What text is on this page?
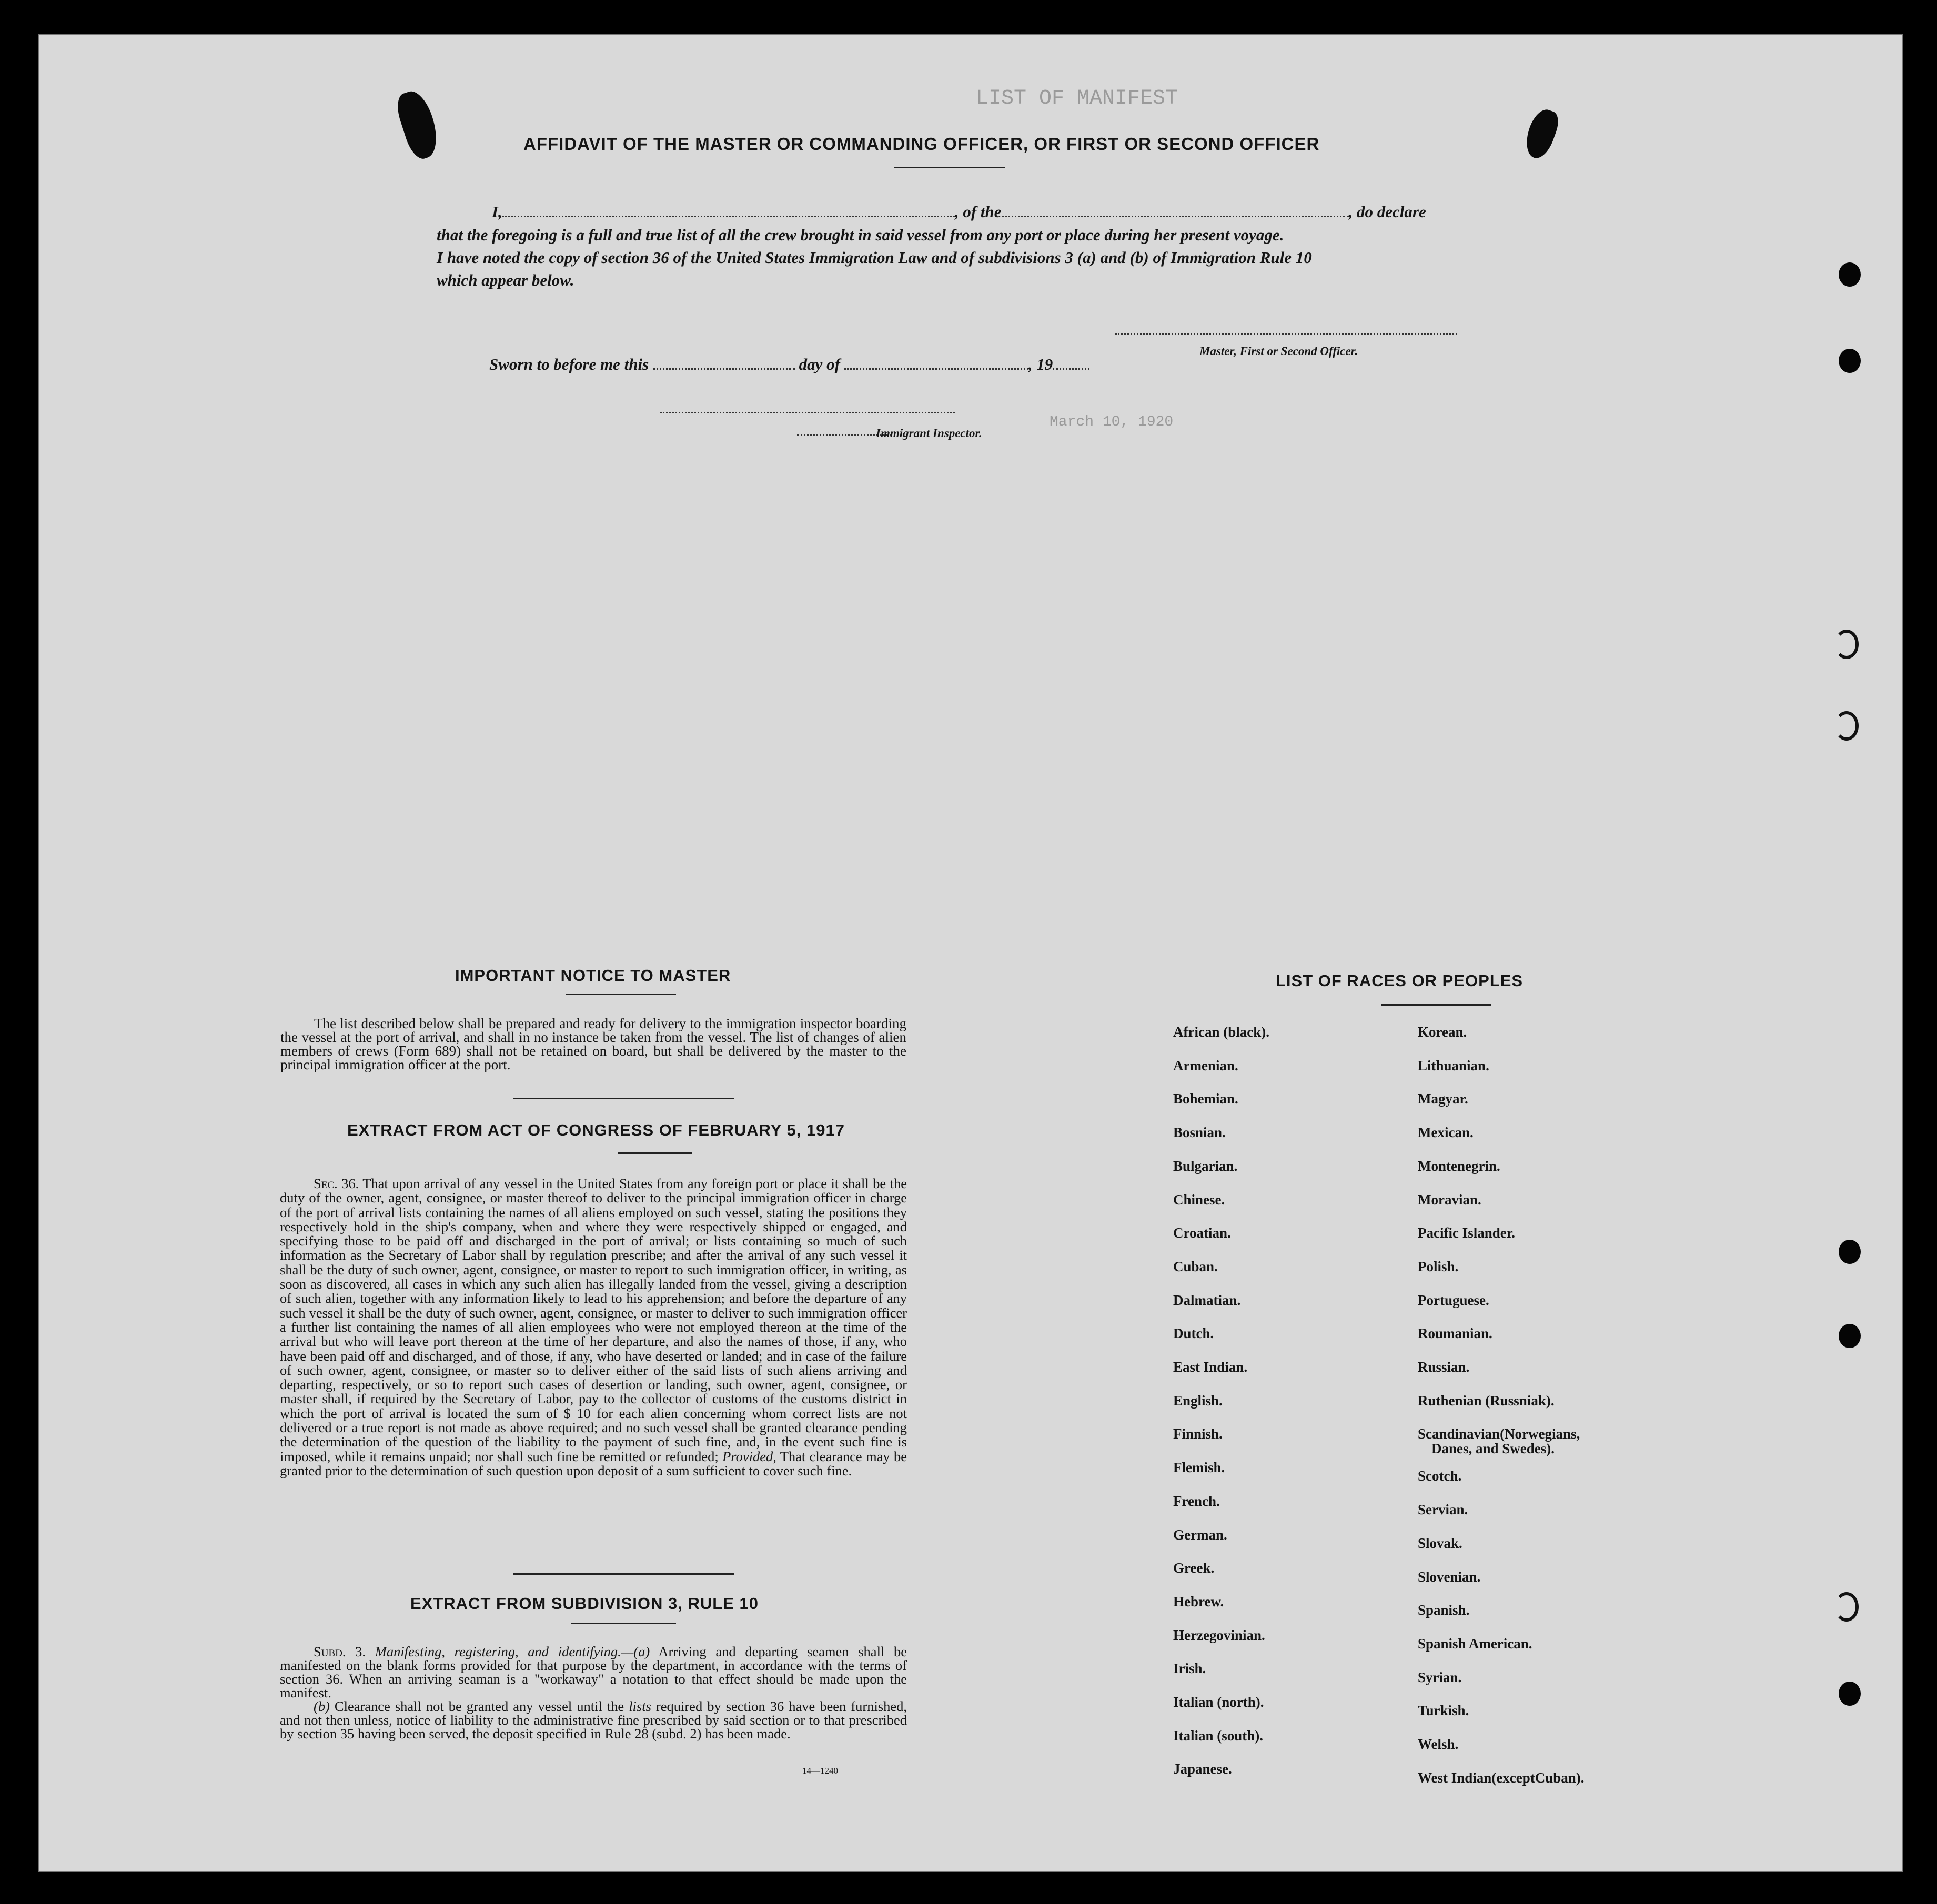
LIST OF MANIFEST
March 10, 1920
AFFIDAVIT OF THE MASTER OR COMMANDING OFFICER, OR FIRST OR SECOND OFFICER
I,	, of the	, do declare
that the foregoing is a full and true list of all the crew brought in said vessel from any port or place during her present voyage.
I have noted the copy of section 36 of the United States Immigration Law and of subdivisions 3 (a) and (b) of Immigration Rule 10
which appear below.
Master, First or Second Officer.
Sworn to before me this	day of	, 19
Immigrant Inspector.
IMPORTANT NOTICE TO MASTER
The list described below shall be prepared and ready for delivery to the immigration inspector boarding the vessel at the port of arrival, and shall in no instance be taken from the vessel. The list of changes of alien members of crews (Form 689) shall not be retained on board, but shall be delivered by the master to the principal immigration officer at the port.
EXTRACT FROM ACT OF CONGRESS OF FEBRUARY 5, 1917
Sec. 36. That upon arrival of any vessel in the United States from any foreign port or place it shall be the duty of the owner, agent, consignee, or master thereof to deliver to the principal immigration officer in charge of the port of arrival lists containing the names of all aliens employed on such vessel, stating the positions they respectively hold in the ship's company, when and where they were respectively shipped or engaged, and specifying those to be paid off and discharged in the port of arrival; or lists containing so much of such information as the Secretary of Labor shall by regulation prescribe; and after the arrival of any such vessel it shall be the duty of such owner, agent, consignee, or master to report to such immigration officer, in writing, as soon as discovered, all cases in which any such alien has illegally landed from the vessel, giving a description of such alien, together with any information likely to lead to his apprehension; and before the departure of any such vessel it shall be the duty of such owner, agent, consignee, or master to deliver to such immigration officer a further list containing the names of all alien employees who were not employed thereon at the time of the arrival but who will leave port thereon at the time of her departure, and also the names of those, if any, who have been paid off and discharged, and of those, if any, who have deserted or landed; and in case of the failure of such owner, agent, consignee, or master so to deliver either of the said lists of such aliens arriving and departing, respectively, or so to report such cases of desertion or landing, such owner, agent, consignee, or master shall, if required by the Secretary of Labor, pay to the collector of customs of the customs district in which the port of arrival is located the sum of $ 10 for each alien concerning whom correct lists are not delivered or a true report is not made as above required; and no such vessel shall be granted clearance pending the determination of the question of the liability to the payment of such fine, and, in the event such fine is imposed, while it remains unpaid; nor shall such fine be remitted or refunded; Provided, That clearance may be granted prior to the determination of such question upon deposit of a sum sufficient to cover such fine.
EXTRACT FROM SUBDIVISION 3, RULE 10
Subd. 3. Manifesting, registering, and identifying.—(a) Arriving and departing seamen shall be manifested on the blank forms provided for that purpose by the department, in accordance with the terms of section 36. When an arriving seaman is a "workaway" a notation to that effect should be made upon the manifest.
(b) Clearance shall not be granted any vessel until the lists required by section 36 have been furnished, and not then unless, notice of liability to the administrative fine prescribed by said section or to that prescribed by section 35 having been served, the deposit specified in Rule 28 (subd. 2) has been made.
14—1240
LIST OF RACES OR PEOPLES
African (black).
Armenian.
Bohemian.
Bosnian.
Bulgarian.
Chinese.
Croatian.
Cuban.
Dalmatian.
Dutch.
East Indian.
English.
Finnish.
Flemish.
French.
German.
Greek.
Hebrew.
Herzegovinian.
Irish.
Italian (north).
Italian (south).
Japanese.
Korean.
Lithuanian.
Magyar.
Mexican.
Montenegrin.
Moravian.
Pacific Islander.
Polish.
Portuguese.
Roumanian.
Russian.
Ruthenian (Russniak).
Scandinavian(Norwegians,
Danes, and Swedes).
Scotch.
Servian.
Slovak.
Slovenian.
Spanish.
Spanish American.
Syrian.
Turkish.
Welsh.
West Indian(exceptCuban).
